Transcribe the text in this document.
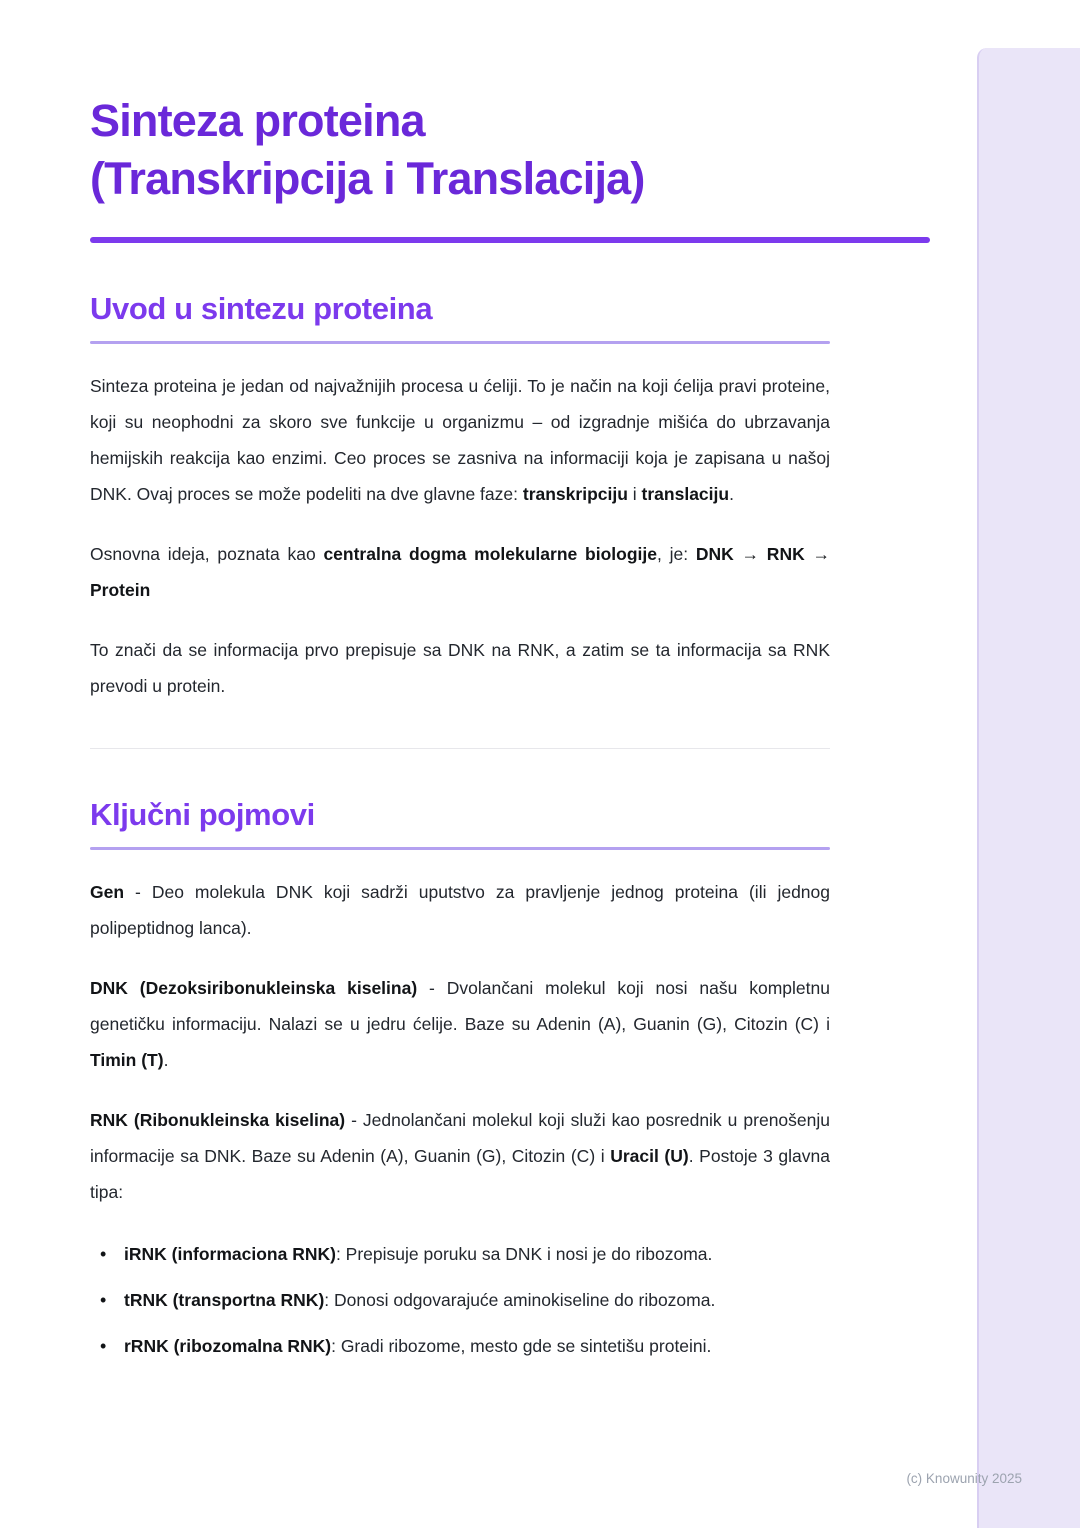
Sinteza proteina
(Transkripcija i Translacija)
Uvod u sintezu proteina

Sinteza proteina je jedan od najvažnijih procesa u ćeliji. To je način na koji ćelija pravi proteine, koji su neophodni za skoro sve funkcije u organizmu – od izgradnje mišića do ubrzavanja hemijskih reakcija kao enzimi. Ceo proces se zasniva na informaciji koja je zapisana u našoj DNK. Ovaj proces se može podeliti na dve glavne faze: transkripciju i translaciju.

Osnovna ideja, poznata kao centralna dogma molekularne biologije, je: DNK → RNK → Protein

To znači da se informacija prvo prepisuje sa DNK na RNK, a zatim se ta informacija sa RNK prevodi u protein.

Ključni pojmovi

Gen - Deo molekula DNK koji sadrži uputstvo za pravljenje jednog proteina (ili jednog polipeptidnog lanca).

DNK (Dezoksiribonukleinska kiselina) - Dvolančani molekul koji nosi našu kompletnu genetičku informaciju. Nalazi se u jedru ćelije. Baze su Adenin (A), Guanin (G), Citozin (C) i Timin (T).

RNK (Ribonukleinska kiselina) - Jednolančani molekul koji služi kao posrednik u prenošenju informacije sa DNK. Baze su Adenin (A), Guanin (G), Citozin (C) i Uracil (U). Postoje 3 glavna tipa:

• iRNK (informaciona RNK): Prepisuje poruku sa DNK i nosi je do ribozoma.
• tRNK (transportna RNK): Donosi odgovarajuće aminokiseline do ribozoma.
• rRNK (ribozomalna RNK): Gradi ribozome, mesto gde se sintetišu proteini.
(c) Knowunity 2025
